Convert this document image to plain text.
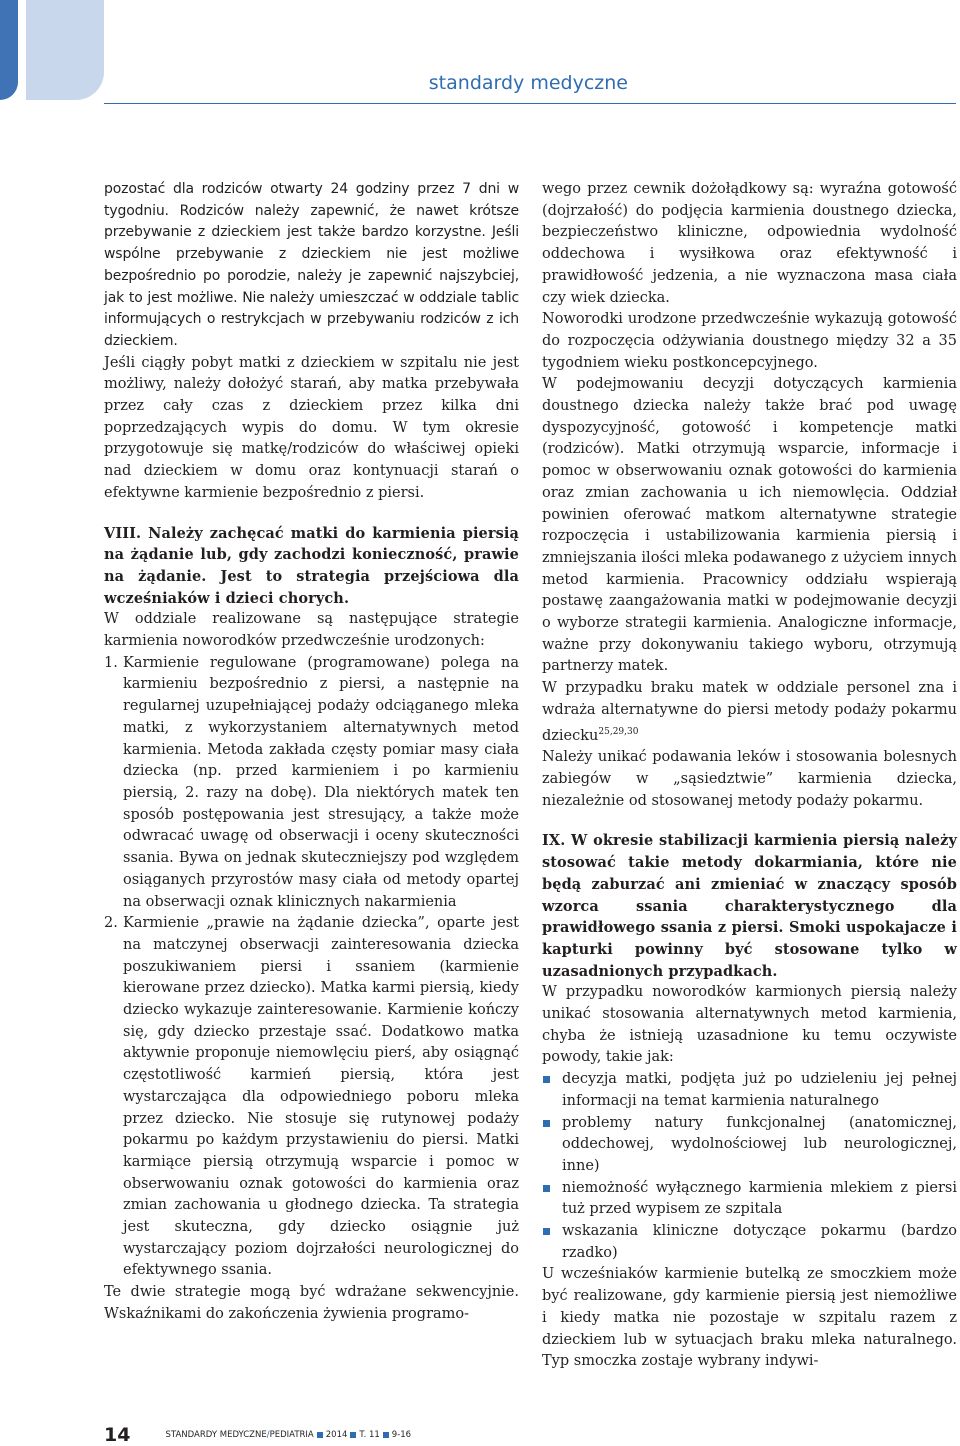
standardy medyczne

pozostać dla rodziców otwarty 24 godziny przez 7 dni w tygodniu. Rodziców należy zapewnić, że nawet krótsze przebywanie z dzieckiem jest także bardzo korzystne. Jeśli wspólne przebywanie z dzieckiem nie jest możliwe bezpośrednio po porodzie, należy je zapewnić najszybciej, jak to jest możliwe. Nie należy umieszczać w oddziale tablic informujących o restrykcjach w przebywaniu rodziców z ich dzieckiem.

Jeśli ciągły pobyt matki z dzieckiem w szpitalu nie jest możliwy, należy dołożyć starań, aby matka przebywała przez cały czas z dzieckiem przez kilka dni poprzedzających wypis do domu. W tym okresie przygotowuje się matkę/rodziców do właściwej opieki nad dzieckiem w domu oraz kontynuacji starań o efektywne karmienie bezpośrednio z piersi.

VIII. Należy zachęcać matki do karmienia piersią na żądanie lub, gdy zachodzi konieczność, prawie na żądanie. Jest to strategia przejściowa dla wcześniaków i dzieci chorych.

W oddziale realizowane są następujące strategie karmienia noworodków przedwcześnie urodzonych:

1. Karmienie regulowane (programowane) polega na karmieniu bezpośrednio z piersi, a następnie na regularnej uzupełniającej podaży odciąganego mleka matki, z wykorzystaniem alternatywnych metod karmienia. Metoda zakłada częsty pomiar masy ciała dziecka (np. przed karmieniem i po karmieniu piersią, 2. razy na dobę). Dla niektórych matek ten sposób postępowania jest stresujący, a także może odwracać uwagę od obserwacji i oceny skuteczności ssania. Bywa on jednak skuteczniejszy pod względem osiąganych przyrostów masy ciała od metody opartej na obserwacji oznak klinicznych nakarmienia
2. Karmienie „prawie na żądanie dziecka”, oparte jest na matczynej obserwacji zainteresowania dziecka poszukiwaniem piersi i ssaniem (karmienie kierowane przez dziecko). Matka karmi piersią, kiedy dziecko wykazuje zainteresowanie. Karmienie kończy się, gdy dziecko przestaje ssać. Dodatkowo matka aktywnie proponuje niemowlęciu pierś, aby osiągnąć częstotliwość karmień piersią, która jest wystarczająca dla odpowiedniego poboru mleka przez dziecko. Nie stosuje się rutynowej podaży pokarmu po każdym przystawieniu do piersi. Matki karmiące piersią otrzymują wsparcie i pomoc w obserwowaniu oznak gotowości do karmienia oraz zmian zachowania u głodnego dziecka. Ta strategia jest skuteczna, gdy dziecko osiągnie już wystarczający poziom dojrzałości neurologicznej do efektywnego ssania.

Te dwie strategie mogą być wdrażane sekwencyjnie. Wskaźnikami do zakończenia żywienia programo-

wego przez cewnik dożołądkowy są: wyraźna gotowość (dojrzałość) do podjęcia karmienia doustnego dziecka, bezpieczeństwo kliniczne, odpowiednia wydolność oddechowa i wysiłkowa oraz efektywność i prawidłowość jedzenia, a nie wyznaczona masa ciała czy wiek dziecka.

Noworodki urodzone przedwcześnie wykazują gotowość do rozpoczęcia odżywiania doustnego między 32 a 35 tygodniem wieku postkoncepcyjnego.

W podejmowaniu decyzji dotyczących karmienia doustnego dziecka należy także brać pod uwagę dyspozycyjność, gotowość i kompetencje matki (rodziców). Matki otrzymują wsparcie, informacje i pomoc w obserwowaniu oznak gotowości do karmienia oraz zmian zachowania u ich niemowlęcia. Oddział powinien oferować matkom alternatywne strategie rozpoczęcia i ustabilizowania karmienia piersią i zmniejszania ilości mleka podawanego z użyciem innych metod karmienia. Pracownicy oddziału wspierają postawę zaangażowania matki w podejmowanie decyzji o wyborze strategii karmienia. Analogiczne informacje, ważne przy dokonywaniu takiego wyboru, otrzymują partnerzy matek.

W przypadku braku matek w oddziale personel zna i wdraża alternatywne do piersi metody podaży pokarmu dziecku$^{25,29,30}$

Należy unikać podawania leków i stosowania bolesnych zabiegów w „sąsiedztwie” karmienia dziecka, niezależnie od stosowanej metody podaży pokarmu.

IX. W okresie stabilizacji karmienia piersią należy stosować takie metody dokarmiania, które nie będą zaburzać ani zmieniać w znaczący sposób wzorca ssania charakterystycznego dla prawidłowego ssania z piersi. Smoki uspokajacze i kapturki powinny być stosowane tylko w uzasadnionych przypadkach.

W przypadku noworodków karmionych piersią należy unikać stosowania alternatywnych metod karmienia, chyba że istnieją uzasadnione ku temu oczywiste powody, takie jak:

decyzja matki, podjęta już po udzieleniu jej pełnej informacji na temat karmienia naturalnego
problemy natury funkcjonalnej (anatomicznej, oddechowej, wydolnościowej lub neurologicznej, inne)
niemożność wyłącznego karmienia mlekiem z piersi tuż przed wypisem ze szpitala
wskazania kliniczne dotyczące pokarmu (bardzo rzadko)

U wcześniaków karmienie butelką ze smoczkiem może być realizowane, gdy karmienie piersią jest niemożliwe i kiedy matka nie pozostaje w szpitalu razem z dzieckiem lub w sytuacjach braku mleka naturalnego. Typ smoczka zostaje wybrany indywi-

14	STANDARDY MEDYCZNE/PEDIATRIA 2014 T. 11 9-16
